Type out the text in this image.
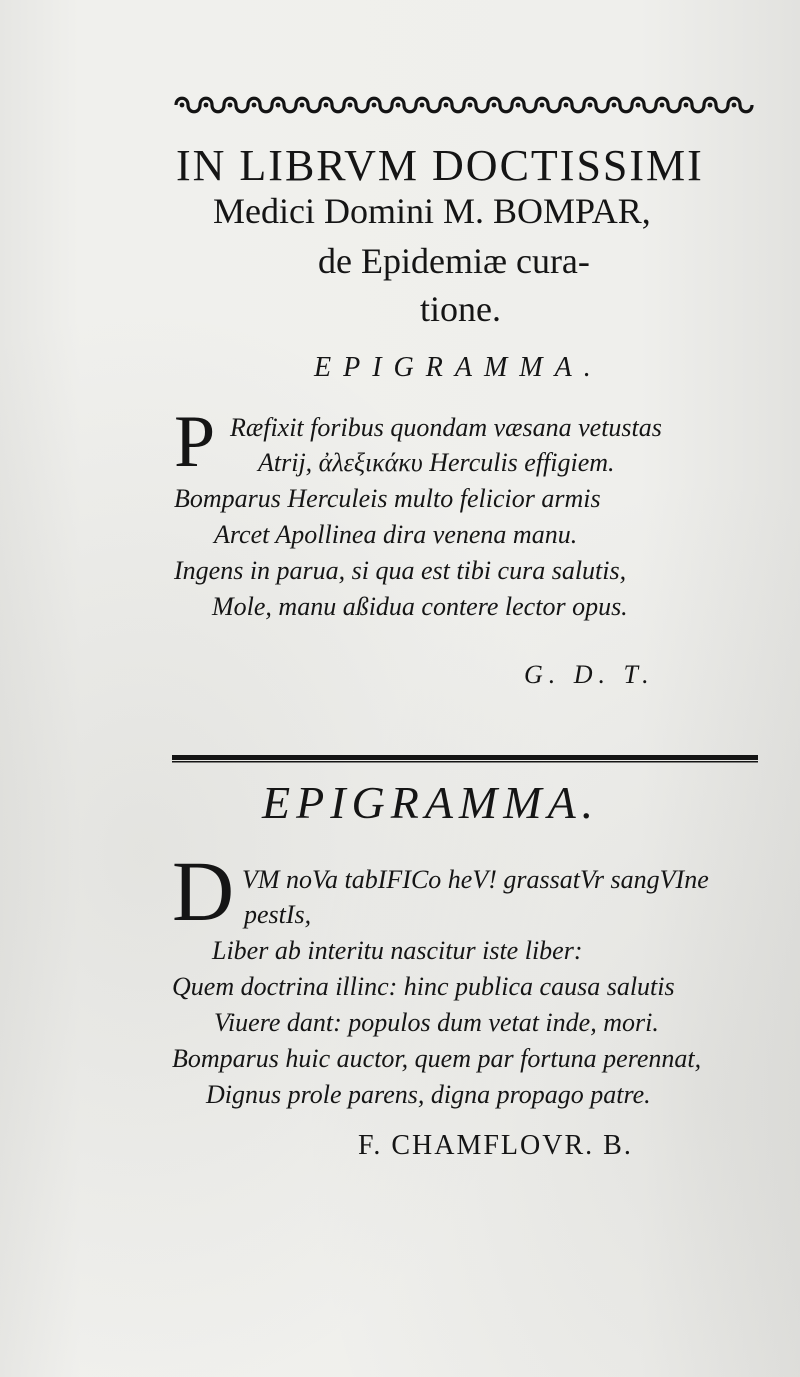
IN LIBRVM DOCTISSIMI
Medici Domini M. BOMPAR,
de Epidemiæ cura-
tione.
EPIGRAMMA.
P Ræfixit foribus quondam væsana vetustas
Atrij, ἀλεξικάκυ Herculis effigiem.
Bomparus Herculeis multo felicior armis
Arcet Apollinea dira venena manu.
Ingens in parua, si qua est tibi cura salutis,
Mole, manu aßidua contere lector opus.
G. D. T.
EPIGRAMMA.
D VM noVa tabIFICo heV! grassatVr sangVIne
pestIs,
Liber ab interitu nascitur iste liber:
Quem doctrina illinc: hinc publica causa salutis
Viuere dant: populos dum vetat inde, mori.
Bomparus huic auctor, quem par fortuna perennat,
Dignus prole parens, digna propago patre.
F. CHAMFLOVR. B.
